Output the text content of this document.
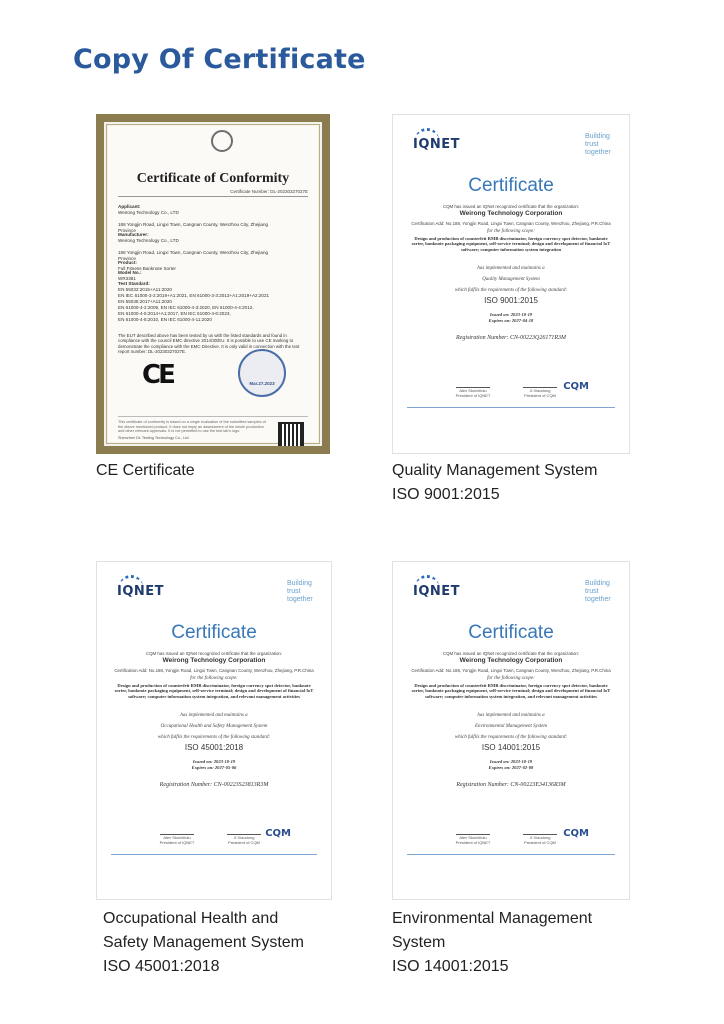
Copy Of Certificate
Certificate of Conformity
Certificate Number: DL-20230327027E
Applicant:Weirong Technology Co., LTD
188 Yongjin Road, Lingxi Town, Cangnan County, Wenzhou City, Zhejiang Province
Manufacturer:Weirong Technology Co., LTD
188 Yongjin Road, Lingxi Town, Cangnan County, Wenzhou City, Zhejiang Province
Product:Full Fitness Banknote Sorter
Model No.:WR3381
Test Standard:
EN 55032:2015+A11:2020
EN IEC 61000-3-2:2019+A1:2021, EN 61000-3-3:2013+A1:2019+A2:2021
EN 55035:2017+A11:2020
EN 61000-4-2:2009, EN IEC 61000-4-3:2020, EN 61000-4-4:2012,
EN 61000-4-5:2014+A1:2017, EN IEC 61000-4-6:2023,
EN 61000-4-8:2010, EN IEC 61000-4-11:2020
The EUT described above has been tested by us with the listed standards and found in compliance with the council EMC directive 2014/30/EU. It is possible to use CE marking to demonstrate the compliance with the EMC Directive. It is only valid in connection with the test report number: DL-20230327027E.
CE	Mar.27.2023
This certificate of conformity is based on a single evaluation of the submitted samples of the above mentioned product. It does not imply an assessment of the whole production and other relevant approvals. It is not permitted to use the test lab's logo.
Shenzhen DL Testing Technology Co., Ltd.
CE Certificate
IQNET
Building trust together
Certificate
CQM has issued an IQNet recognized certificate that the organization:
Weirong Technology Corporation
Certification Add: No.188, Yongjin Road, Lingxi Town, Cangnan County, Wenzhou, Zhejiang, P.R.China
for the following scope:
Design and production of counterfeit RMB discriminator, foreign currency spot detector, banknote sorter, banknote packaging equipment, self-service terminal; design and development of financial IoT software; computer information system integration
has implemented and maintains a
Quality Management System
which fulfils the requirements of the following standard:
ISO 9001:2015
Issued on: 2023-10-19
Expires on: 2027-04-18
Registration Number: CN-00223Q26171R3M
Alex Stoichitoiu
President of IQNET
Ji Xiaodong
President of CQM
CQM
Quality Management System
ISO 9001:2015
IQNET
Building trust together
Certificate
CQM has issued an IQNet recognized certificate that the organization:
Weirong Technology Corporation
Certification Add: No.188, Yongjin Road, Lingxi Town, Cangnan County, Wenzhou, Zhejiang, P.R.China
for the following scope:
Design and production of counterfeit RMB discriminator, foreign currency spot detector, banknote sorter, banknote packaging equipment, self-service terminal; design and development of financial IoT software; computer information system integration, and relevant management activities
has implemented and maintains a
Occupational Health and Safety Management System
which fulfils the requirements of the following standard:
ISO 45001:2018
Issued on: 2023-10-19
Expires on: 2027-05-06
Registration Number: CN-00223S23813R3M
Alex Stoichitoiu
President of IQNET
Ji Xiaodong
President of CQM
CQM
Occupational Health and
Safety Management System
ISO 45001:2018
IQNET
Building trust together
Certificate
CQM has issued an IQNet recognized certificate that the organization:
Weirong Technology Corporation
Certification Add: No.188, Yongjin Road, Lingxi Town, Cangnan County, Wenzhou, Zhejiang, P.R.China
for the following scope:
Design and production of counterfeit RMB discriminator, foreign currency spot detector, banknote sorter, banknote packaging equipment, self-service terminal; design and development of financial IoT software; computer information system integration, and relevant management activities
has implemented and maintains a
Environmental Management System
which fulfils the requirements of the following standard:
ISO 14001:2015
Issued on: 2023-10-19
Expires on: 2027-02-08
Registration Number: CN-00223E34136R3M
Alex Stoichitoiu
President of IQNET
Ji Xiaodong
President of CQM
CQM
Environmental Management
System
ISO 14001:2015
